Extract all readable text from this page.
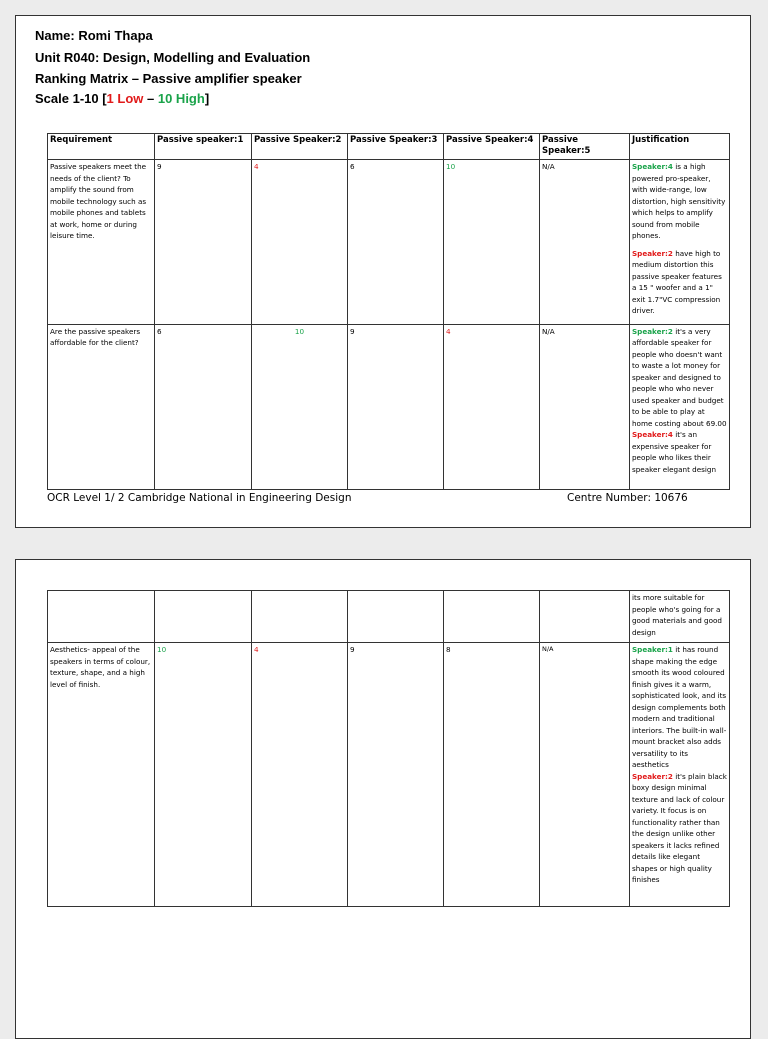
Name: Romi Thapa
Unit R040: Design, Modelling and Evaluation
Ranking Matrix – Passive amplifier speaker
Scale 1-10 [1 Low – 10 High]
Requirement	Passive speaker:1	Passive Speaker:2	Passive Speaker:3	Passive Speaker:4	Passive Speaker:5	Justification
Passive speakers meet the needs of the client? To amplify the sound from mobile technology such as mobile phones and tablets at work, home or during leisure time.	9	4	6	10	N/A	Speaker:4 is a high powered pro-speaker, with wide-range, low distortion, high sensitivity which helps to amplify sound from mobile phones.

Speaker:2 have high to medium distortion this passive speaker features a 15 " woofer and a 1" exit 1.7"VC compression driver.

Are the passive speakers affordable for the client?	6	10	9	4	N/A	Speaker:2 it's a very affordable speaker for people who doesn't want to waste a lot money for speaker and designed to people who who never used speaker and budget to be able to play at home costing about 69.00

Speaker:4 it's an expensive speaker for people who likes their speaker elegant design

OCR Level 1/ 2 Cambridge National in Engineering Design	Centre Number: 10676
						its more suitable for people who's going for a good materials and good design
Aesthetics- appeal of the speakers in terms of colour, texture, shape, and a high level of finish.	10	4	9	8	N/A	Speaker:1 it has round shape making the edge smooth its wood coloured finish gives it a warm, sophisticated look, and its design complements both modern and traditional interiors. The built-in wall-mount bracket also adds versatility to its aesthetics

Speaker:2 it's plain black boxy design minimal texture and lack of colour variety. It focus is on functionality rather than the design unlike other speakers it lacks refined details like elegant shapes or high quality finishes
